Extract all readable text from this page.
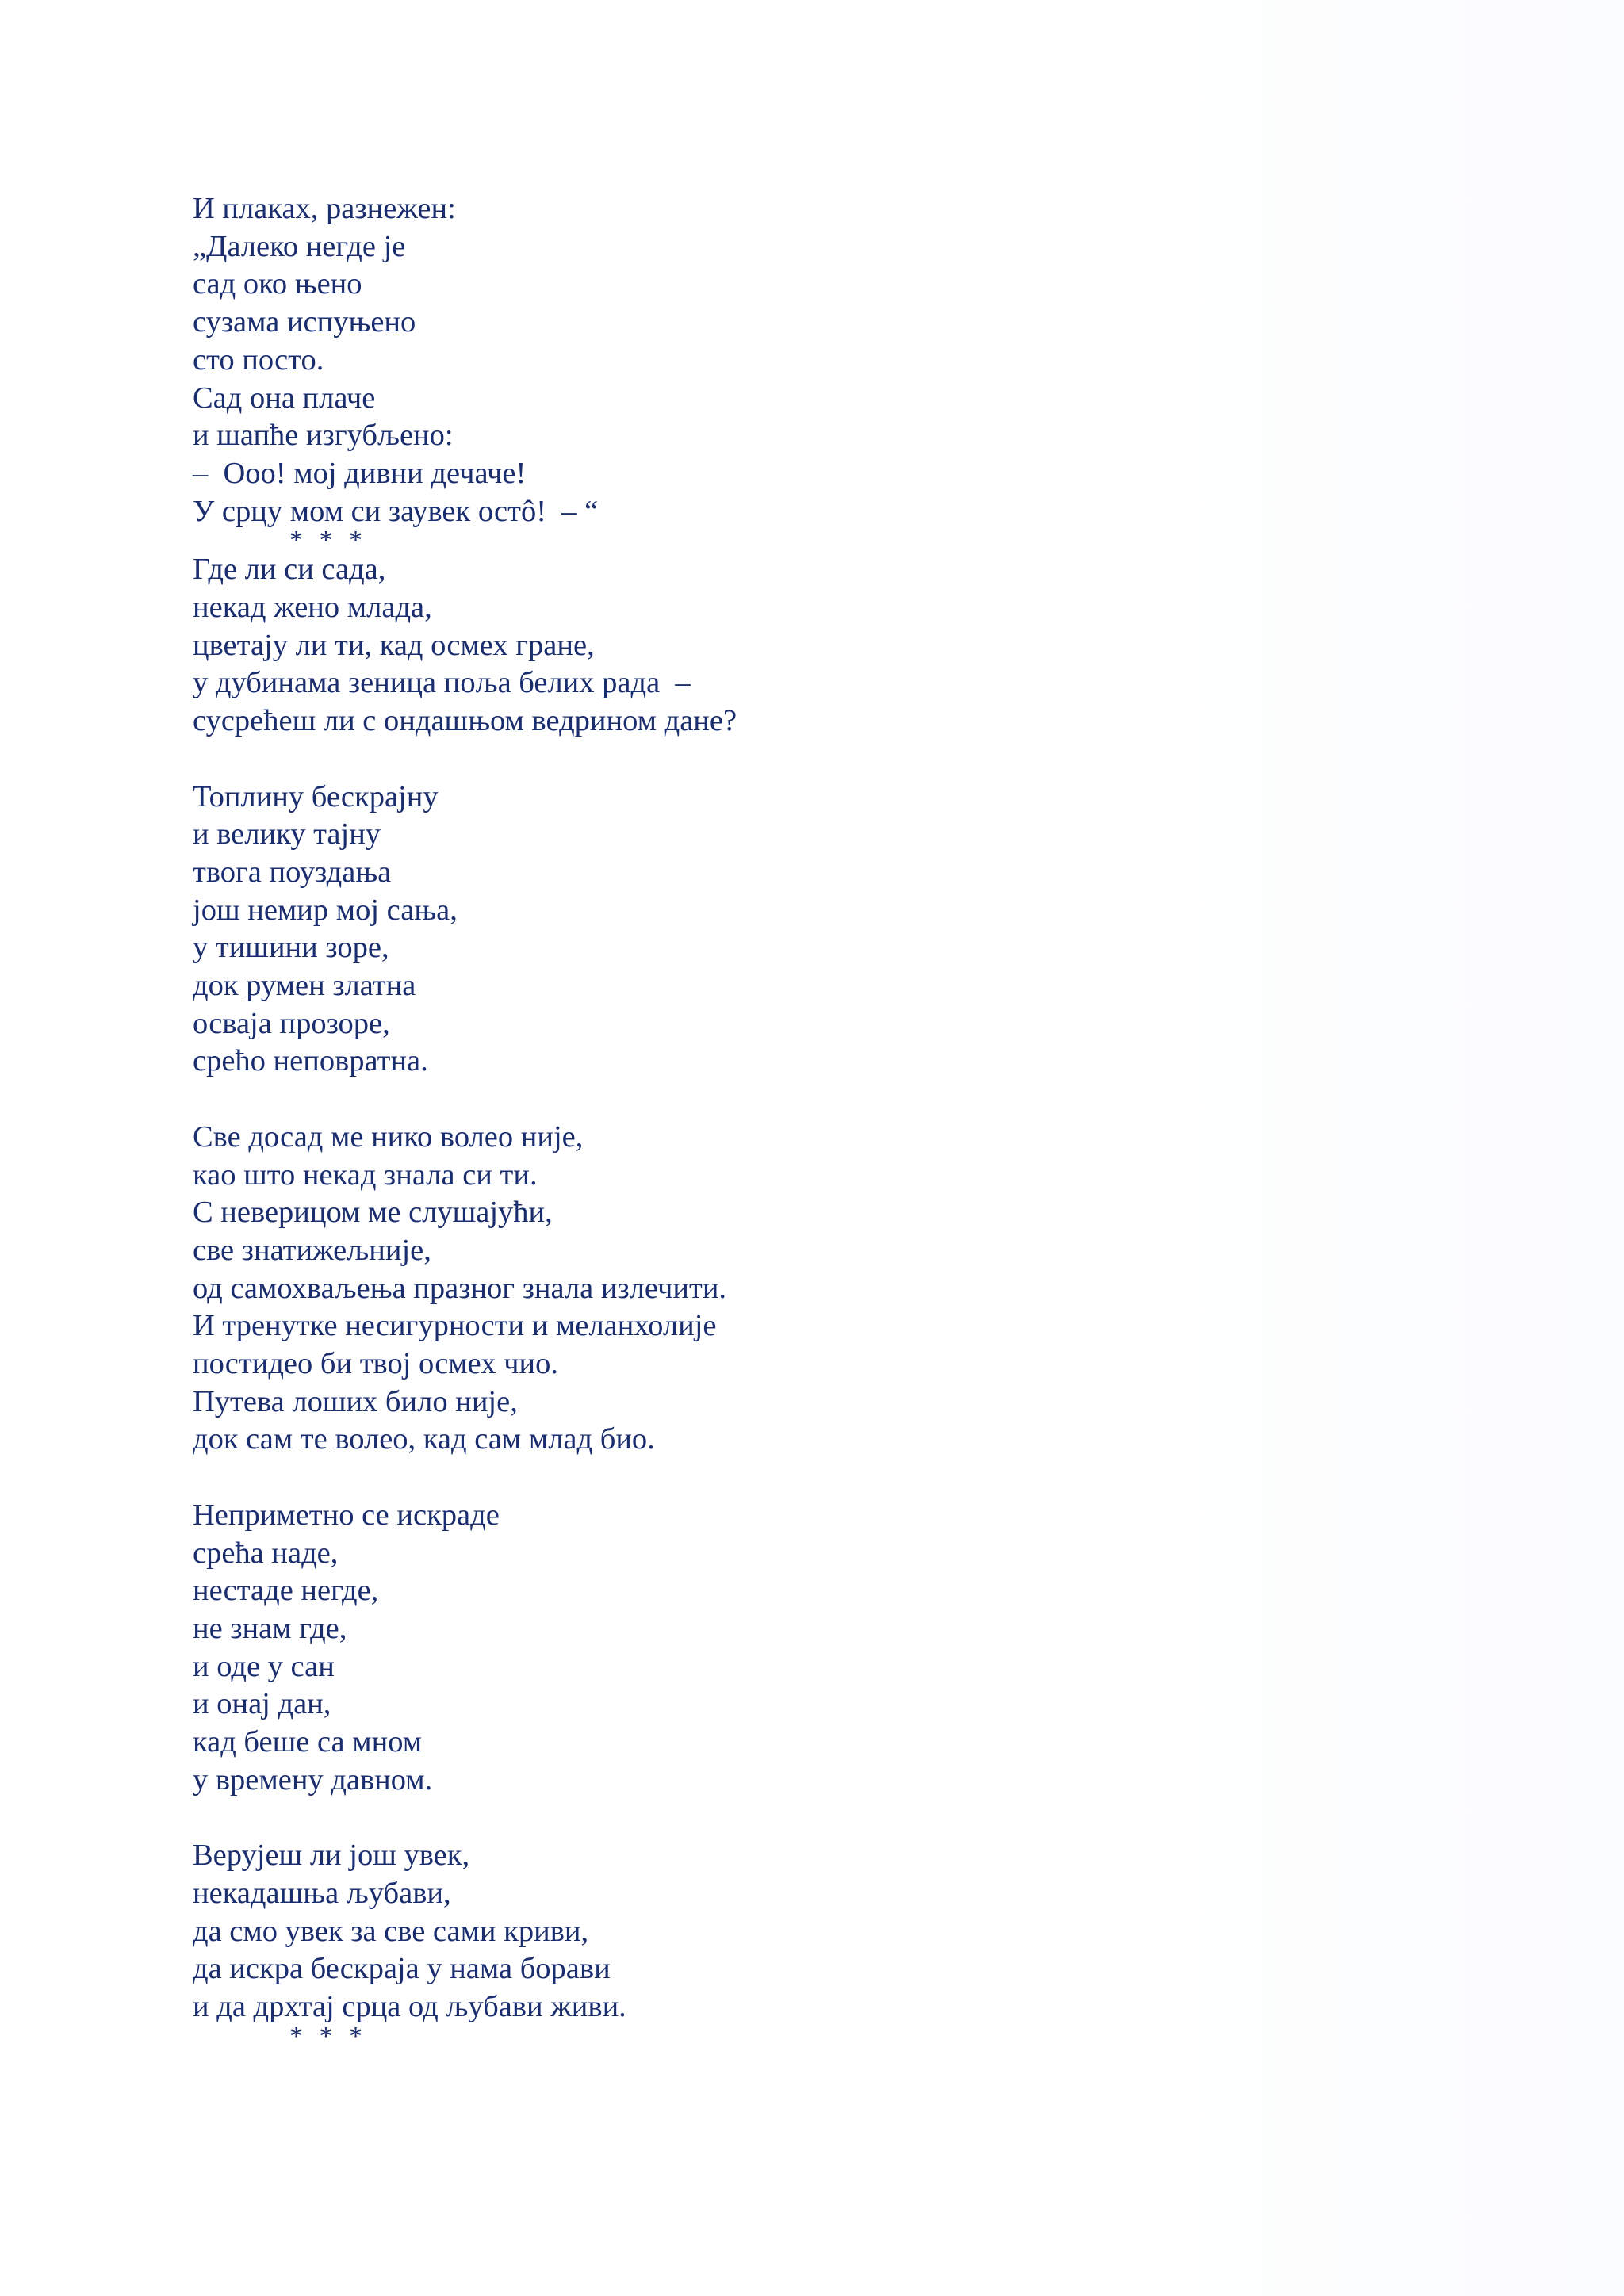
И плаках, разнежен:
„Далеко негде је
сад око њено
сузама испуњено
сто посто.
Сад она плаче
и шапће изгубљено:
–  Ооо! мој дивни дечаче!
У срцу мом си заувек остô!  – “
* * *
Где ли си сада,
некад жено млада,
цветају ли ти, кад осмех гране,
у дубинама зеница поља белих рада  –
сусрећеш ли с ондашњом ведрином дане?
Топлину бескрајну
и велику тајну
твога поуздања
још немир мој сања,
у тишини зоре,
док румен златна
осваја прозоре,
срећо неповратна.
Све досад ме нико волео није,
као што некад знала си ти.
С неверицом ме слушајући,
све знатижељније,
од самохваљења празног знала излечити.
И тренутке несигурности и меланхолије
постидео би твој осмех чио.
Путева лоших било није,
док сам те волео, кад сам млад био.
Неприметно се искраде
срећа наде,
нестаде негде,
не знам где,
и оде у сан
и онај дан,
кад беше са мном
у времену давном.
Верујеш ли још увек,
некадашња љубави,
да смо увек за све сами криви,
да искра бескраја у нама борави
и да дрхтај срца од љубави живи.
* * *
